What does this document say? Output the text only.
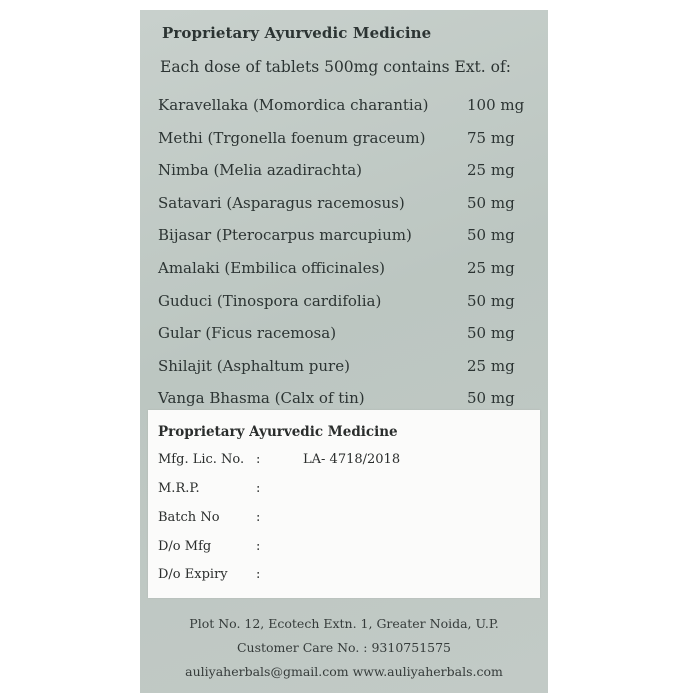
Proprietary Ayurvedic Medicine
Each dose of tablets 500mg contains Ext. of:
Karavellaka (Momordica charantia)	100 mg
Methi (Trgonella foenum graceum)	75 mg
Nimba (Melia azadirachta)	25 mg
Satavari (Asparagus racemosus)	50 mg
Bijasar (Pterocarpus marcupium)	50 mg
Amalaki (Embilica officinales)	25 mg
Guduci (Tinospora cardifolia)	50 mg
Gular (Ficus racemosa)	50 mg
Shilajit (Asphaltum pure)	25 mg
Vanga Bhasma (Calx of tin)	50 mg
Proprietary Ayurvedic Medicine
Mfg. Lic. No. :	LA- 4718/2018
M.R.P.	:
Batch No	:
D/o Mfg	:
D/o Expiry :
Plot No. 12, Ecotech Extn. 1, Greater Noida, U.P.
Customer Care No. : 9310751575
auliyaherbals@gmail.com www.auliyaherbals.com
